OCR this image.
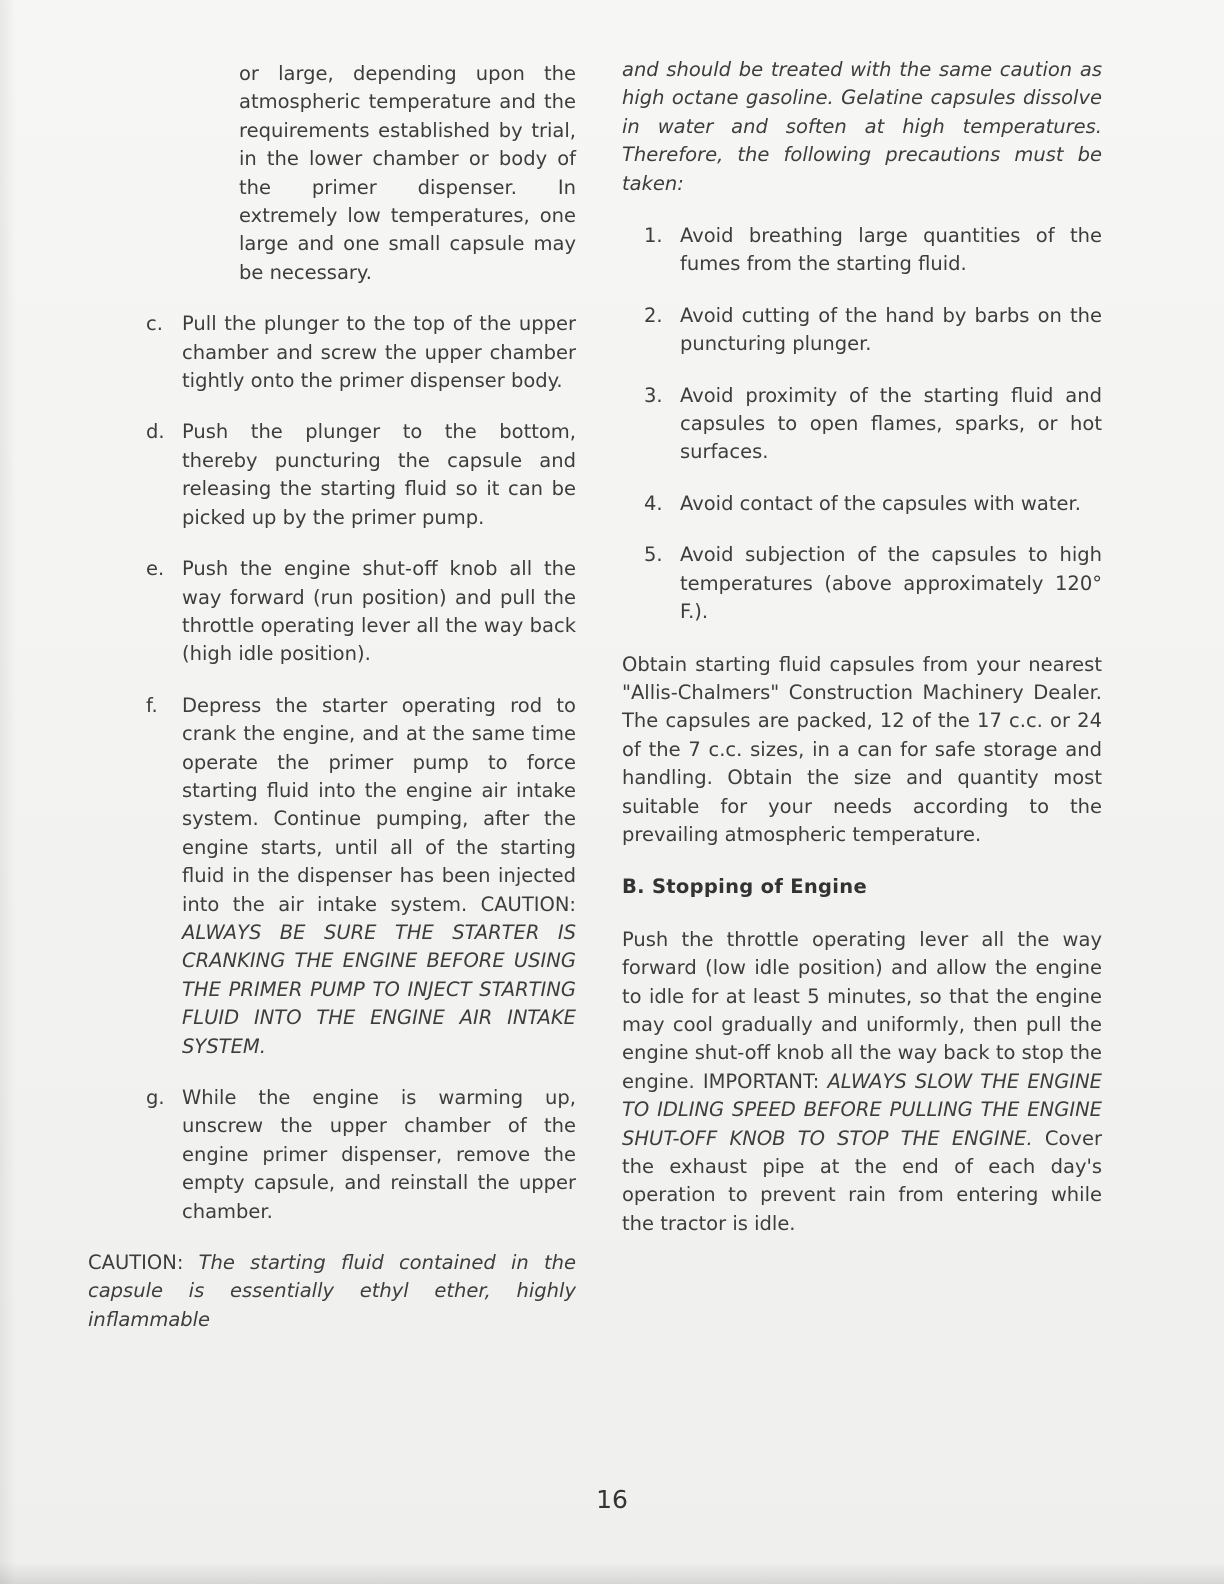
or large, depending upon the atmospheric temperature and the requirements established by trial, in the lower chamber or body of the primer dispenser. In extremely low temperatures, one large and one small capsule may be necessary.

c. Pull the plunger to the top of the upper chamber and screw the upper chamber tightly onto the primer dispenser body.

d. Push the plunger to the bottom, thereby puncturing the capsule and releasing the starting fluid so it can be picked up by the primer pump.

e. Push the engine shut-off knob all the way forward (run position) and pull the throttle operating lever all the way back (high idle position).

f.	Depress the starter operating rod to crank the engine, and at the same time operate the primer pump to force starting fluid into the engine air intake system. Continue pumping, after the engine starts, until all of the starting fluid in the dispenser has been injected into the air intake system. CAUTION: ALWAYS BE SURE THE STARTER IS CRANKING THE ENGINE BEFORE USING THE PRIMER PUMP TO INJECT STARTING FLUID INTO THE ENGINE AIR INTAKE SYSTEM.

g. While the engine is warming up, unscrew the upper chamber of the engine primer dispenser, remove the empty capsule, and reinstall the upper chamber.

CAUTION: The starting fluid contained in the capsule is essentially ethyl ether, highly inflammable

and should be treated with the same caution as high octane gasoline. Gelatine capsules dissolve in water and soften at high temperatures. Therefore, the following precautions must be taken:

1. Avoid breathing large quantities of the fumes from the starting fluid.

2. Avoid cutting of the hand by barbs on the puncturing plunger.

3. Avoid proximity of the starting fluid and capsules to open flames, sparks, or hot surfaces.

4. Avoid contact of the capsules with water.

5. Avoid subjection of the capsules to high temperatures (above approximately 120° F.).

Obtain starting fluid capsules from your nearest "Allis-Chalmers" Construction Machinery Dealer. The capsules are packed, 12 of the 17 c.c. or 24 of the 7 c.c. sizes, in a can for safe storage and handling. Obtain the size and quantity most suitable for your needs according to the prevailing atmospheric temperature.

B. Stopping of Engine

Push the throttle operating lever all the way forward (low idle position) and allow the engine to idle for at least 5 minutes, so that the engine may cool gradually and uniformly, then pull the engine shut-off knob all the way back to stop the engine. IMPORTANT: ALWAYS SLOW THE ENGINE TO IDLING SPEED BEFORE PULLING THE ENGINE SHUT-OFF KNOB TO STOP THE ENGINE. Cover the exhaust pipe at the end of each day's operation to prevent rain from entering while the tractor is idle.

16
